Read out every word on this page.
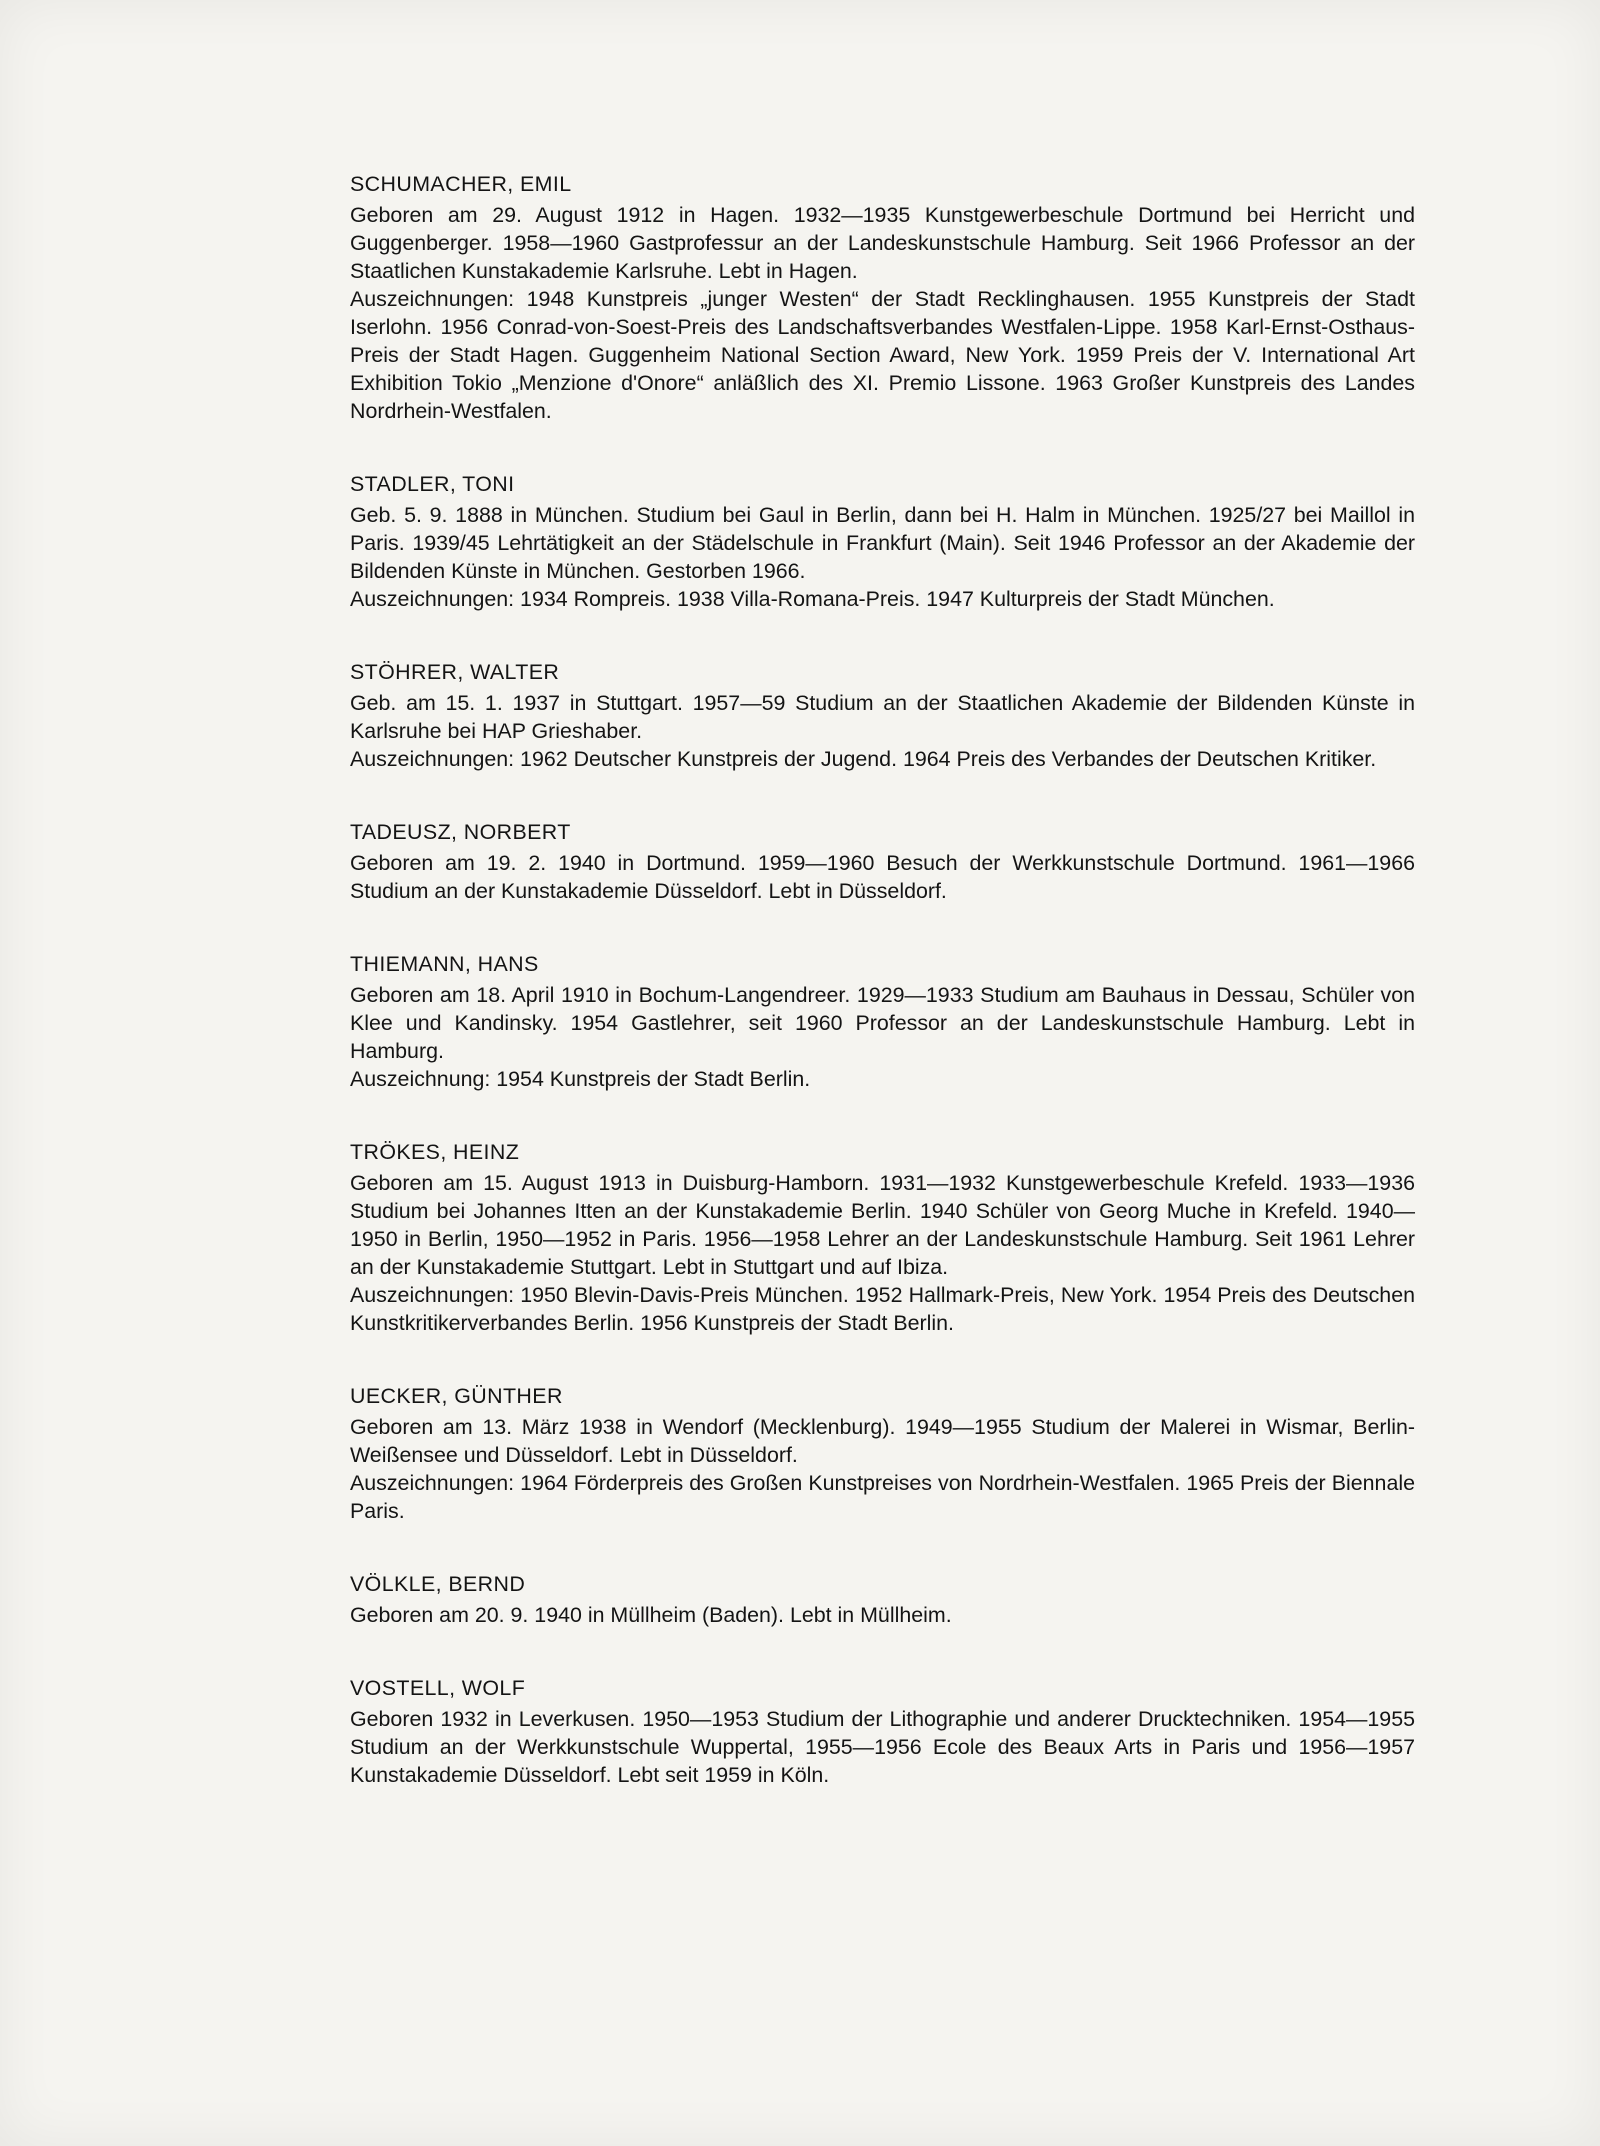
SCHUMACHER, EMIL

Geboren am 29. August 1912 in Hagen. 1932—1935 Kunstgewerbeschule Dortmund bei Herricht und Guggenberger. 1958—1960 Gastprofessur an der Landeskunstschule Hamburg. Seit 1966 Professor an der Staatlichen Kunstakademie Karlsruhe. Lebt in Hagen.

Auszeichnungen: 1948 Kunstpreis „junger Westen“ der Stadt Recklinghausen. 1955 Kunstpreis der Stadt Iserlohn. 1956 Conrad-von-Soest-Preis des Landschaftsverbandes Westfalen-Lippe. 1958 Karl-Ernst-Osthaus-Preis der Stadt Hagen. Guggenheim National Section Award, New York. 1959 Preis der V. International Art Exhibition Tokio „Menzione d'Onore“ anläßlich des XI. Premio Lissone. 1963 Großer Kunstpreis des Landes Nordrhein-Westfalen.

STADLER, TONI

Geb. 5. 9. 1888 in München. Studium bei Gaul in Berlin, dann bei H. Halm in München. 1925/27 bei Maillol in Paris. 1939/45 Lehrtätigkeit an der Städelschule in Frankfurt (Main). Seit 1946 Professor an der Akademie der Bildenden Künste in München. Gestorben 1966.

Auszeichnungen: 1934 Rompreis. 1938 Villa-Romana-Preis. 1947 Kulturpreis der Stadt München.

STÖHRER, WALTER

Geb. am 15. 1. 1937 in Stuttgart. 1957—59 Studium an der Staatlichen Akademie der Bildenden Künste in Karlsruhe bei HAP Grieshaber.

Auszeichnungen: 1962 Deutscher Kunstpreis der Jugend. 1964 Preis des Verbandes der Deutschen Kritiker.

TADEUSZ, NORBERT

Geboren am 19. 2. 1940 in Dortmund. 1959—1960 Besuch der Werkkunstschule Dortmund. 1961—1966 Studium an der Kunstakademie Düsseldorf. Lebt in Düsseldorf.

THIEMANN, HANS

Geboren am 18. April 1910 in Bochum-Langendreer. 1929—1933 Studium am Bauhaus in Dessau, Schüler von Klee und Kandinsky. 1954 Gastlehrer, seit 1960 Professor an der Landeskunstschule Hamburg. Lebt in Hamburg.

Auszeichnung: 1954 Kunstpreis der Stadt Berlin.

TRÖKES, HEINZ

Geboren am 15. August 1913 in Duisburg-Hamborn. 1931—1932 Kunstgewerbeschule Krefeld. 1933—1936 Studium bei Johannes Itten an der Kunstakademie Berlin. 1940 Schüler von Georg Muche in Krefeld. 1940—1950 in Berlin, 1950—1952 in Paris. 1956—1958 Lehrer an der Landeskunstschule Hamburg. Seit 1961 Lehrer an der Kunstakademie Stuttgart. Lebt in Stuttgart und auf Ibiza.

Auszeichnungen: 1950 Blevin-Davis-Preis München. 1952 Hallmark-Preis, New York. 1954 Preis des Deutschen Kunstkritikerverbandes Berlin. 1956 Kunstpreis der Stadt Berlin.

UECKER, GÜNTHER

Geboren am 13. März 1938 in Wendorf (Mecklenburg). 1949—1955 Studium der Malerei in Wismar, Berlin-Weißensee und Düsseldorf. Lebt in Düsseldorf.

Auszeichnungen: 1964 Förderpreis des Großen Kunstpreises von Nordrhein-Westfalen. 1965 Preis der Biennale Paris.

VÖLKLE, BERND

Geboren am 20. 9. 1940 in Müllheim (Baden). Lebt in Müllheim.

VOSTELL, WOLF

Geboren 1932 in Leverkusen. 1950—1953 Studium der Lithographie und anderer Drucktechniken. 1954—1955 Studium an der Werkkunstschule Wuppertal, 1955—1956 Ecole des Beaux Arts in Paris und 1956—1957 Kunstakademie Düsseldorf. Lebt seit 1959 in Köln.
